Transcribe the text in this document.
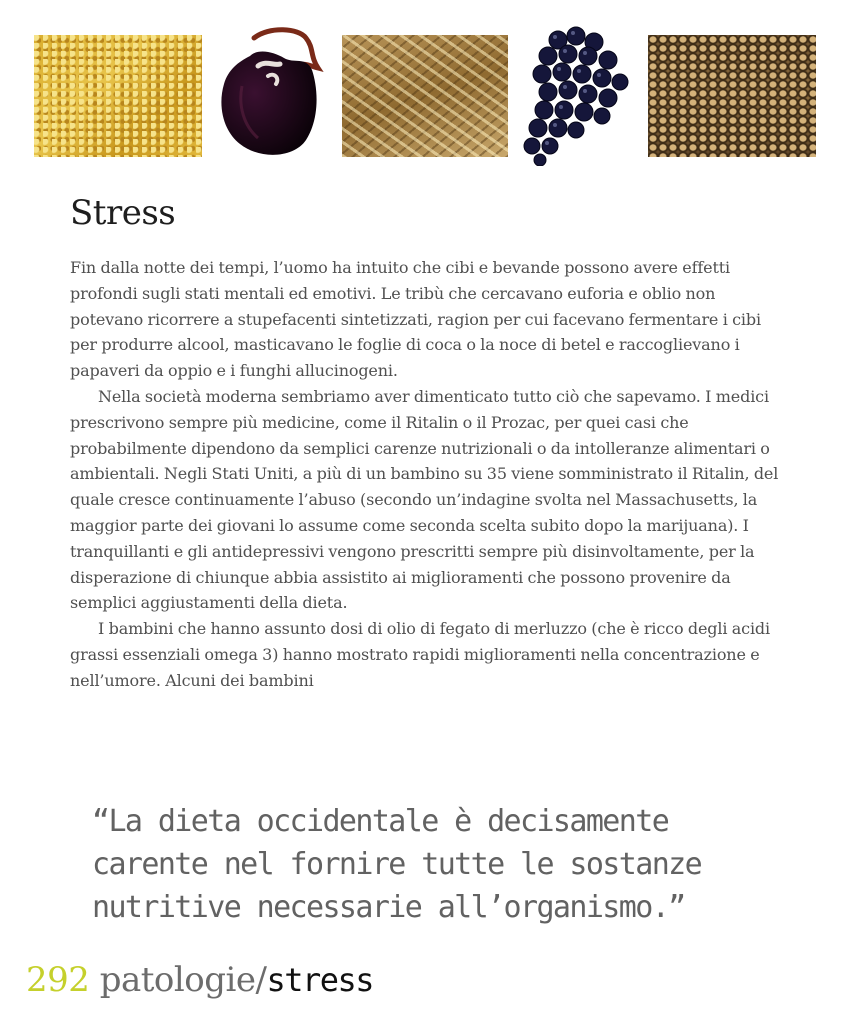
Stress

Fin dalla notte dei tempi, l’uomo ha intuito che cibi e bevande possono avere effetti profondi sugli stati mentali ed emotivi. Le tribù che cercavano euforia e oblio non potevano ricorrere a stupefacenti sintetizzati, ragion per cui facevano fermentare i cibi per produrre alcool, masticavano le foglie di coca o la noce di betel e raccoglievano i papaveri da oppio e i funghi allucinogeni.

Nella società moderna sembriamo aver dimenticato tutto ciò che sapevamo. I medici prescrivono sempre più medicine, come il Ritalin o il Prozac, per quei casi che probabilmente dipendono da semplici carenze nutrizionali o da intolleranze alimentari o ambientali. Negli Stati Uniti, a più di un bambino su 35 viene somministrato il Ritalin, del quale cresce continuamente l’abuso (secondo un’indagine svolta nel Massachusetts, la maggior parte dei giovani lo assume come seconda scelta subito dopo la marijuana). I tranquillanti e gli antidepressivi vengono prescritti sempre più disinvoltamente, per la disperazione di chiunque abbia assistito ai miglioramenti che possono provenire da semplici aggiustamenti della dieta.

I bambini che hanno assunto dosi di olio di fegato di merluzzo (che è ricco degli acidi grassi essenziali omega 3) hanno mostrato rapidi miglioramenti nella concentrazione e nell’umore. Alcuni dei bambini

“La dieta occidentale è decisamente carente nel fornire tutte le sostanze nutritive necessarie all’organismo.”

292 patologie/stress
